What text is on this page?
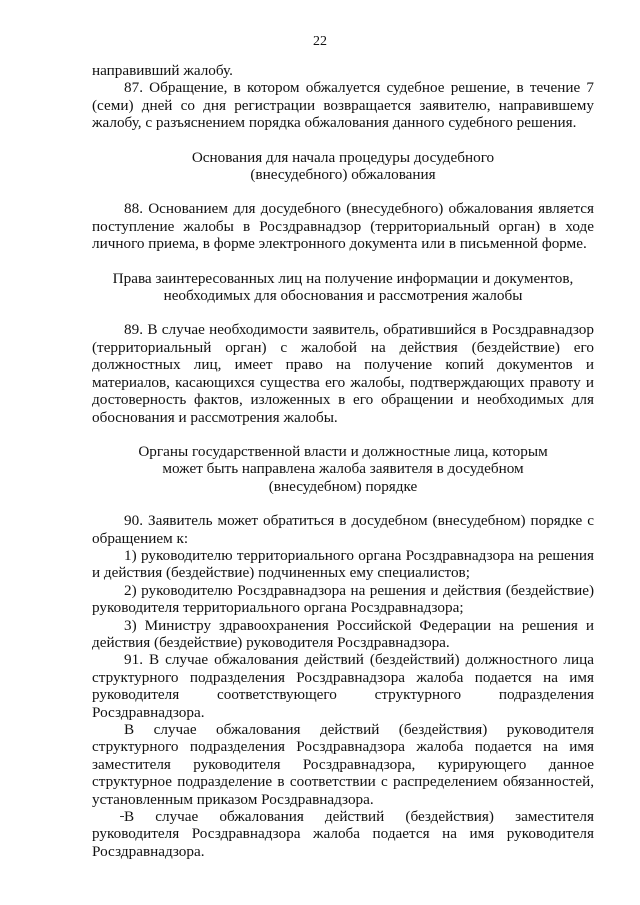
22

направивший жалобу.

87. Обращение, в котором обжалуется судебное решение, в течение 7 (семи) дней со дня регистрации возвращается заявителю, направившему жалобу, с разъяснением порядка обжалования данного судебного решения.

Основания для начала процедуры досудебного (внесудебного) обжалования

88. Основанием для досудебного (внесудебного) обжалования является поступление жалобы в Росздравнадзор (территориальный орган) в ходе личного приема, в форме электронного документа или в письменной форме.

Права заинтересованных лиц на получение информации и документов, необходимых для обоснования и рассмотрения жалобы

89. В случае необходимости заявитель, обратившийся в Росздравнадзор (территориальный орган) с жалобой на действия (бездействие) его должностных лиц, имеет право на получение копий документов и материалов, касающихся существа его жалобы, подтверждающих правоту и достоверность фактов, изложенных в его обращении и необходимых для обоснования и рассмотрения жалобы.

Органы государственной власти и должностные лица, которым может быть направлена жалоба заявителя в досудебном (внесудебном) порядке

90. Заявитель может обратиться в досудебном (внесудебном) порядке с обращением к:

1) руководителю территориального органа Росздравнадзора на решения и действия (бездействие) подчиненных ему специалистов;

2) руководителю Росздравнадзора на решения и действия (бездействие) руководителя территориального органа Росздравнадзора;

3) Министру здравоохранения Российской Федерации на решения и действия (бездействие) руководителя Росздравнадзора.

91. В случае обжалования действий (бездействий) должностного лица структурного подразделения Росздравнадзора жалоба подается на имя руководителя соответствующего структурного подразделения Росздравнадзора.

В случае обжалования действий (бездействия) руководителя структурного подразделения Росздравнадзора жалоба подается на имя заместителя руководителя Росздравнадзора, курирующего данное структурное подразделение в соответствии с распределением обязанностей, установленным приказом Росздравнадзора.

В случае обжалования действий (бездействия) заместителя руководителя Росздравнадзора жалоба подается на имя руководителя Росздравнадзора.
